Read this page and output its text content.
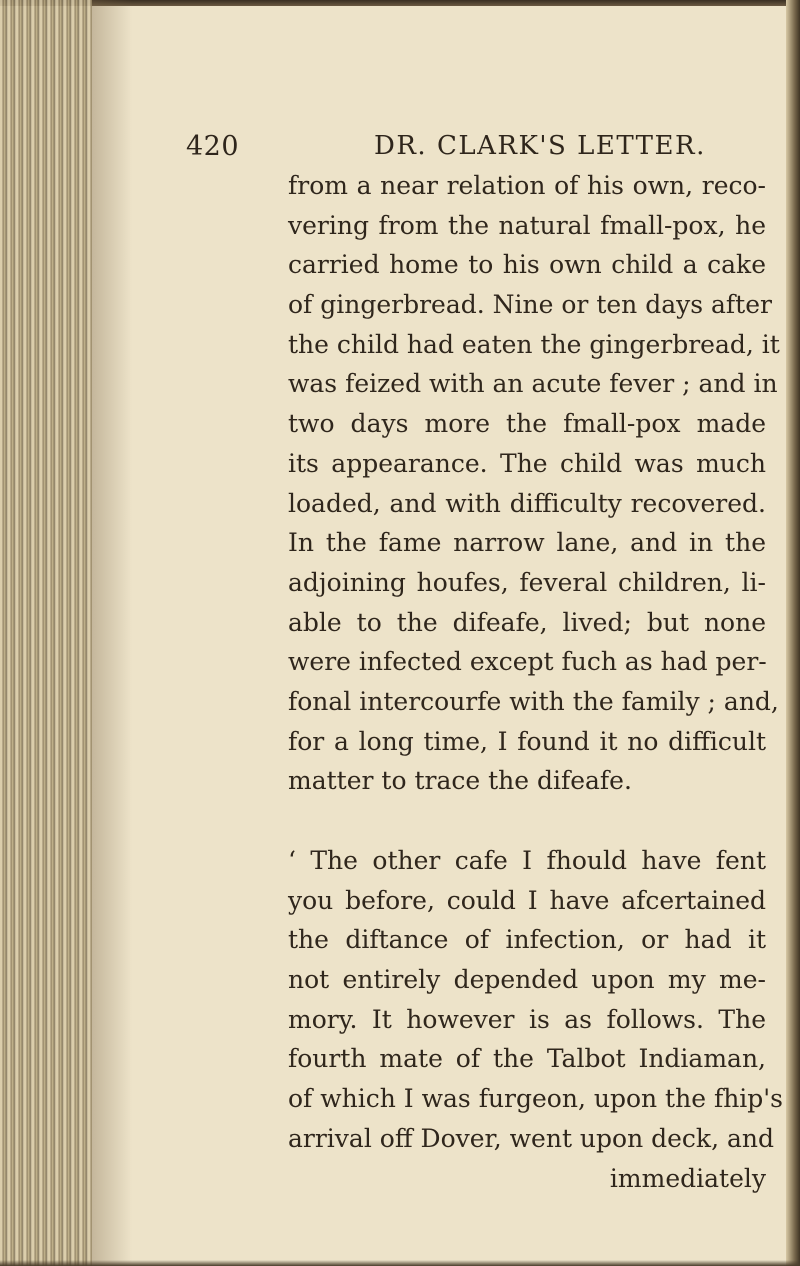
420	DR. CLARK'S LETTER.
from a near relation of his own, reco-
vering from the natural fmall-pox, he
carried home to his own child a cake
of gingerbread. Nine or ten days after
the child had eaten the gingerbread, it
was feized with an acute fever ; and in
two days more the fmall-pox made
its appearance. The child was much
loaded, and with difficulty recovered.
In the fame narrow lane, and in the
adjoining houfes, feveral children, li-
able to the difeafe, lived; but none
were infected except fuch as had per-
fonal intercourfe with the family ; and,
for a long time, I found it no difficult
matter to trace the difeafe.
‘ The other cafe I fhould have fent
you before, could I have afcertained
the diftance of infection, or had it
not entirely depended upon my me-
mory. It however is as follows. The
fourth mate of the Talbot Indiaman,
of which I was furgeon, upon the fhip's
arrival off Dover, went upon deck, and
immediately
